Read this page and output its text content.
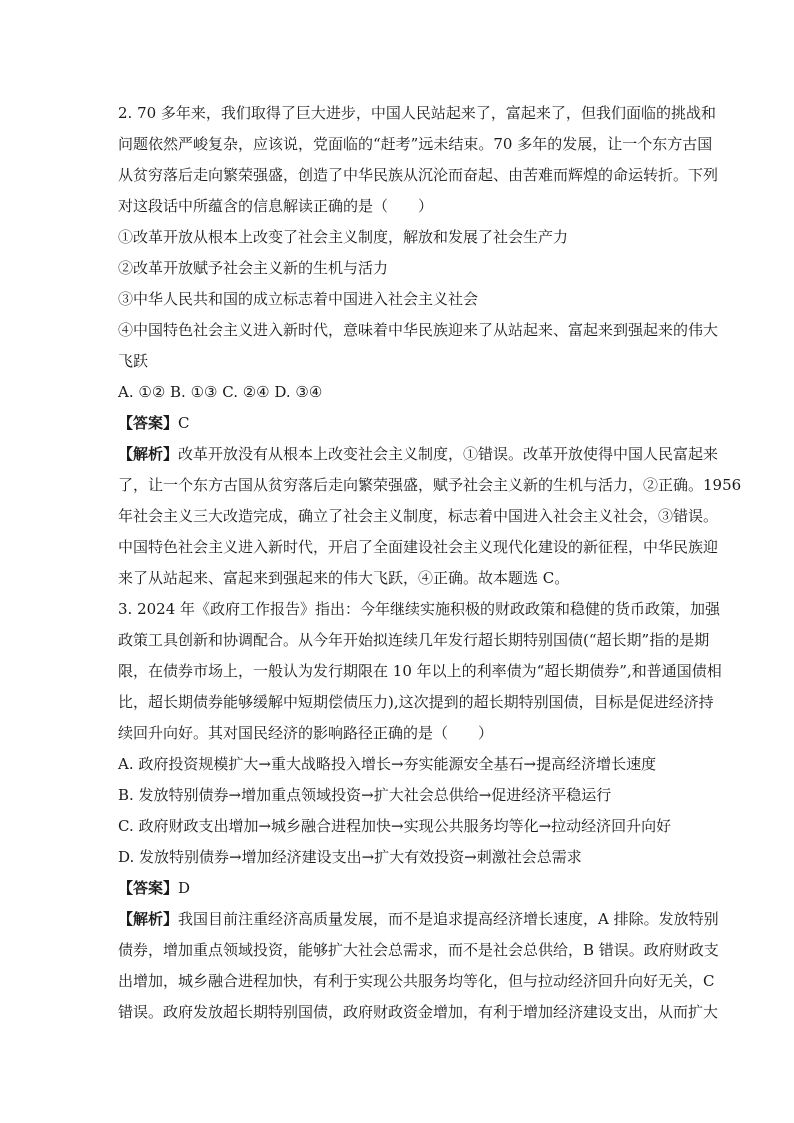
2. 70 多年来，我们取得了巨大进步，中国人民站起来了，富起来了，但我们面临的挑战和

问题依然严峻复杂，应该说，党面临的“赶考”远未结束。70 多年的发展，让一个东方古国

从贫穷落后走向繁荣强盛，创造了中华民族从沉沦而奋起、由苦难而辉煌的命运转折。下列

对这段话中所蕴含的信息解读正确的是（　　）

①改革开放从根本上改变了社会主义制度，解放和发展了社会生产力

②改革开放赋予社会主义新的生机与活力

③中华人民共和国的成立标志着中国进入社会主义社会

④中国特色社会主义进入新时代，意味着中华民族迎来了从站起来、富起来到强起来的伟大

飞跃

A. ①② B. ①③ C. ②④ D. ③④

【答案】C

【解析】改革开放没有从根本上改变社会主义制度，①错误。改革开放使得中国人民富起来

了，让一个东方古国从贫穷落后走向繁荣强盛，赋予社会主义新的生机与活力，②正确。1956

年社会主义三大改造完成，确立了社会主义制度，标志着中国进入社会主义社会，③错误。

中国特色社会主义进入新时代，开启了全面建设社会主义现代化建设的新征程，中华民族迎

来了从站起来、富起来到强起来的伟大飞跃，④正确。故本题选 C。

3. 2024 年《政府工作报告》指出：今年继续实施积极的财政政策和稳健的货币政策，加强

政策工具创新和协调配合。从今年开始拟连续几年发行超长期特别国债(“超长期”指的是期

限，在债券市场上，一般认为发行期限在 10 年以上的利率债为“超长期债券”,和普通国债相

比，超长期债券能够缓解中短期偿债压力),这次提到的超长期特别国债，目标是促进经济持

续回升向好。其对国民经济的影响路径正确的是（　　）

A. 政府投资规模扩大→重大战略投入增长→夯实能源安全基石→提高经济增长速度

B. 发放特别债券→增加重点领域投资→扩大社会总供给→促进经济平稳运行

C. 政府财政支出增加→城乡融合进程加快→实现公共服务均等化→拉动经济回升向好

D. 发放特别债券→增加经济建设支出→扩大有效投资→刺激社会总需求

【答案】D

【解析】我国目前注重经济高质量发展，而不是追求提高经济增长速度，A 排除。发放特别

债券，增加重点领域投资，能够扩大社会总需求，而不是社会总供给，B 错误。政府财政支

出增加，城乡融合进程加快，有利于实现公共服务均等化，但与拉动经济回升向好无关，C

错误。政府发放超长期特别国债，政府财政资金增加，有利于增加经济建设支出，从而扩大
